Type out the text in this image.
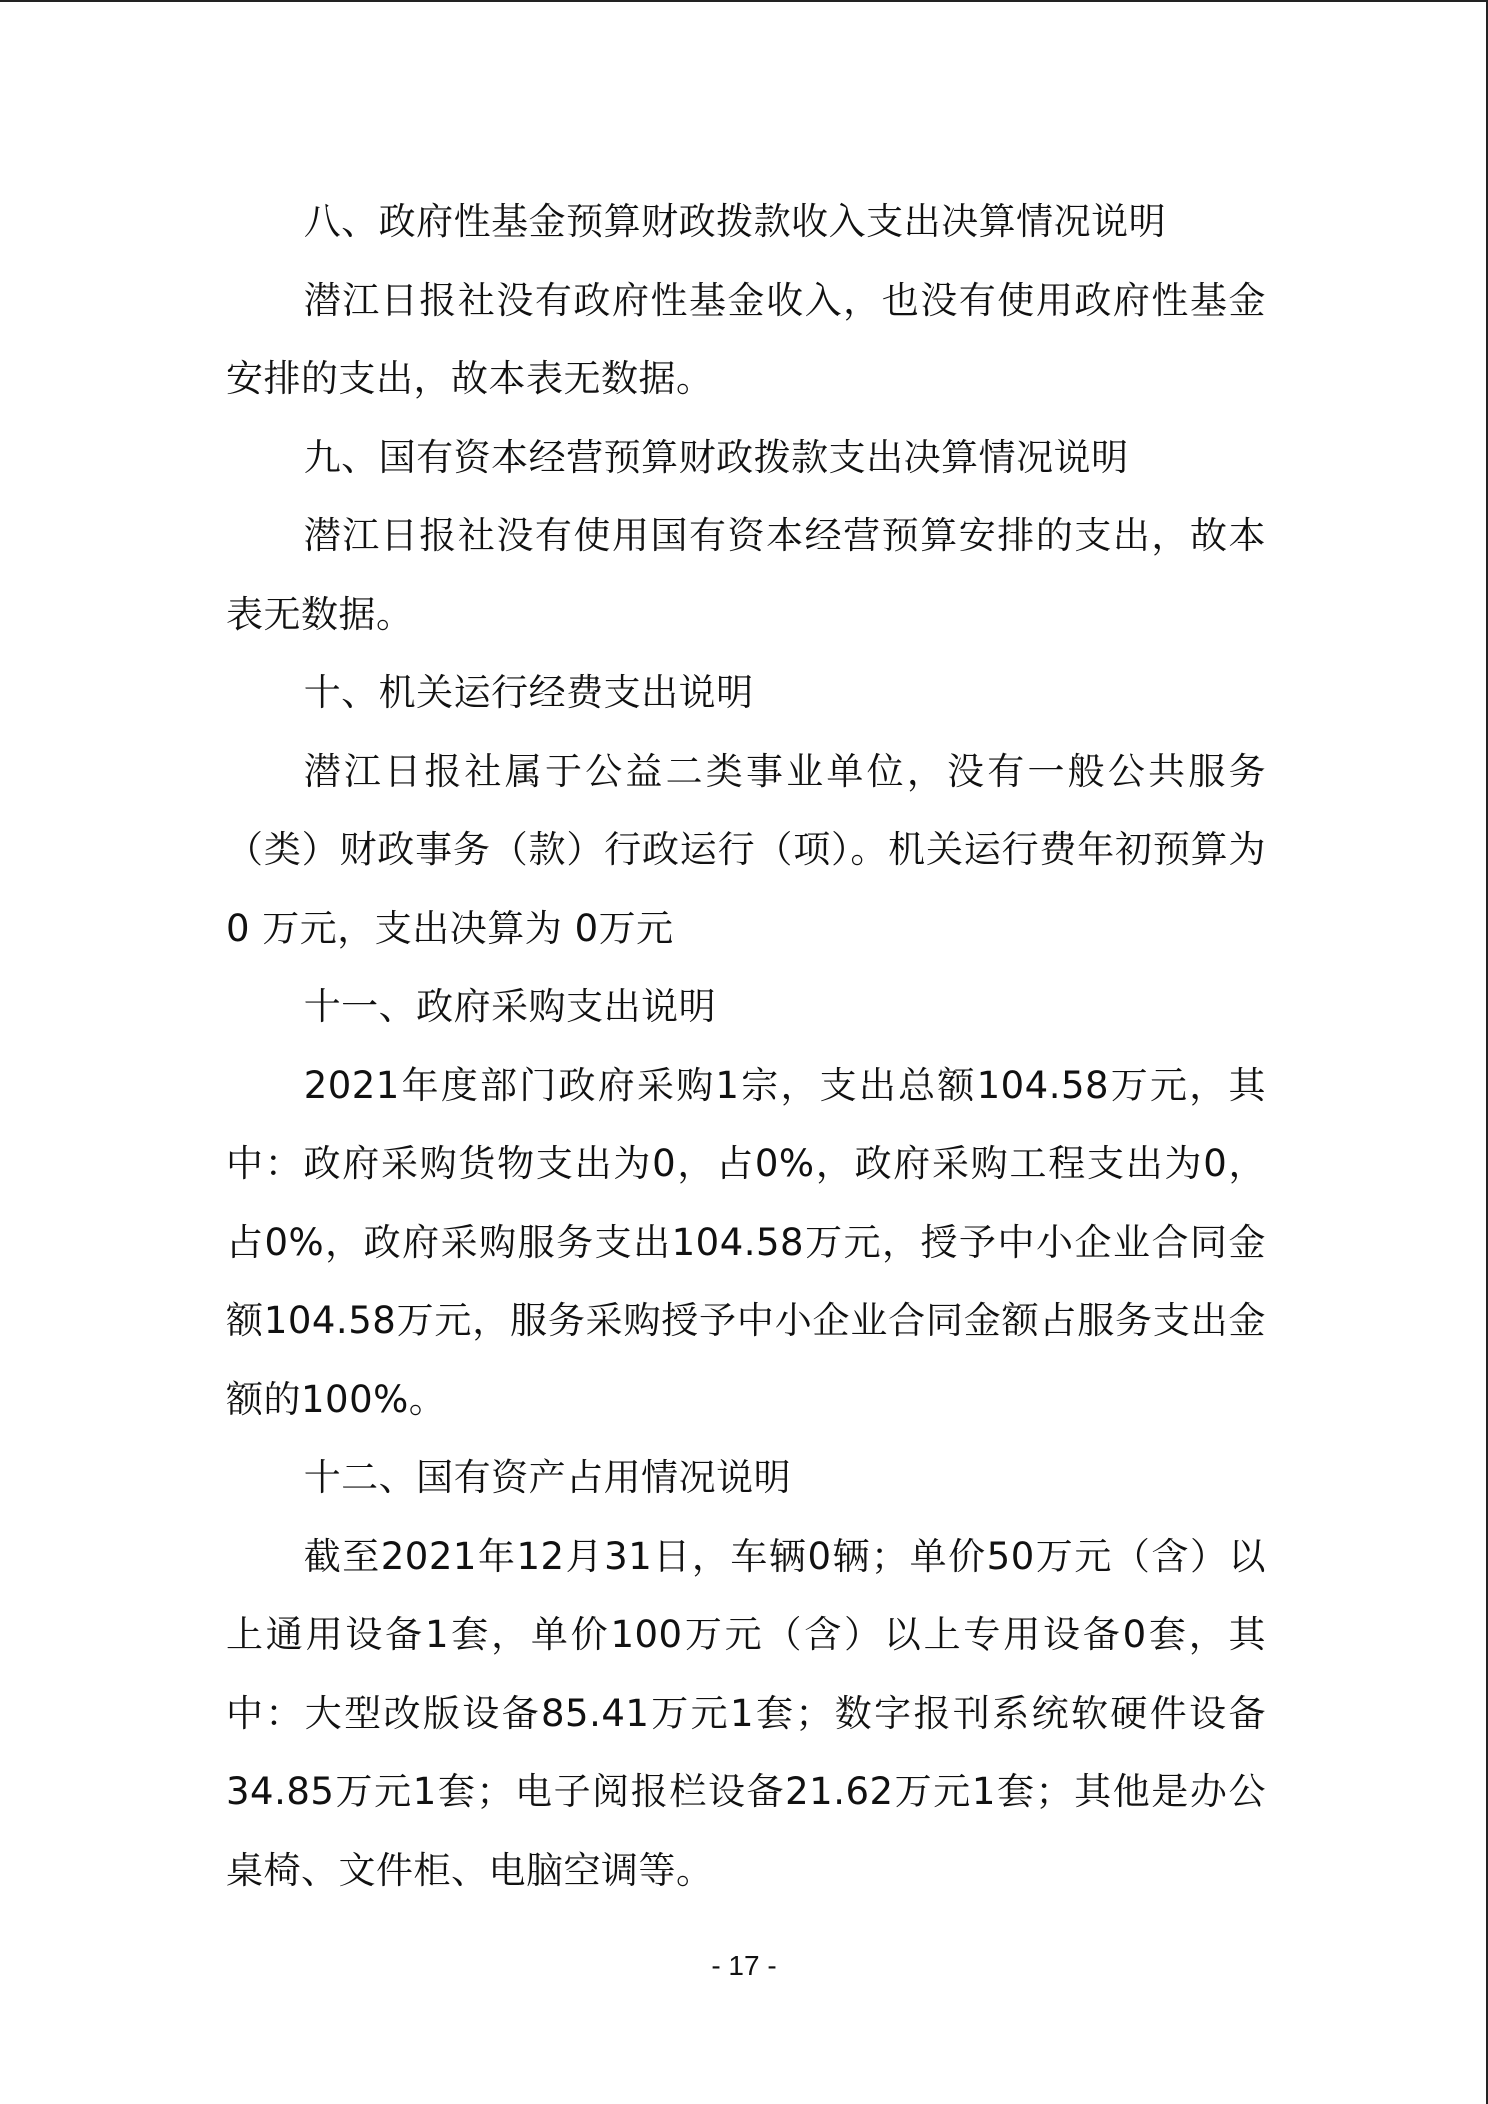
八、政府性基金预算财政拨款收入支出决算情况说明

潜江日报社没有政府性基金收入，也没有使用政府性基金安排的支出，故本表无数据。

九、国有资本经营预算财政拨款支出决算情况说明

潜江日报社没有使用国有资本经营预算安排的支出，故本表无数据。

十、机关运行经费支出说明

潜江日报社属于公益二类事业单位，没有一般公共服务（类）财政事务（款）行政运行（项）。机关运行费年初预算为　0 万元，支出决算为 0万元

十一、政府采购支出说明

2021年度部门政府采购1宗，支出总额104.58万元，其中：政府采购货物支出为0，占0%，政府采购工程支出为0，占0%，政府采购服务支出104.58万元，授予中小企业合同金额104.58万元，服务采购授予中小企业合同金额占服务支出金额的100%。

十二、国有资产占用情况说明

截至2021年12月31日，车辆0辆；单价50万元（含）以上通用设备1套，单价100万元（含）以上专用设备0套，其中：大型改版设备85.41万元1套；数字报刊系统软硬件设备34.85万元1套；电子阅报栏设备21.62万元1套；其他是办公桌椅、文件柜、电脑空调等。

- 17 -
